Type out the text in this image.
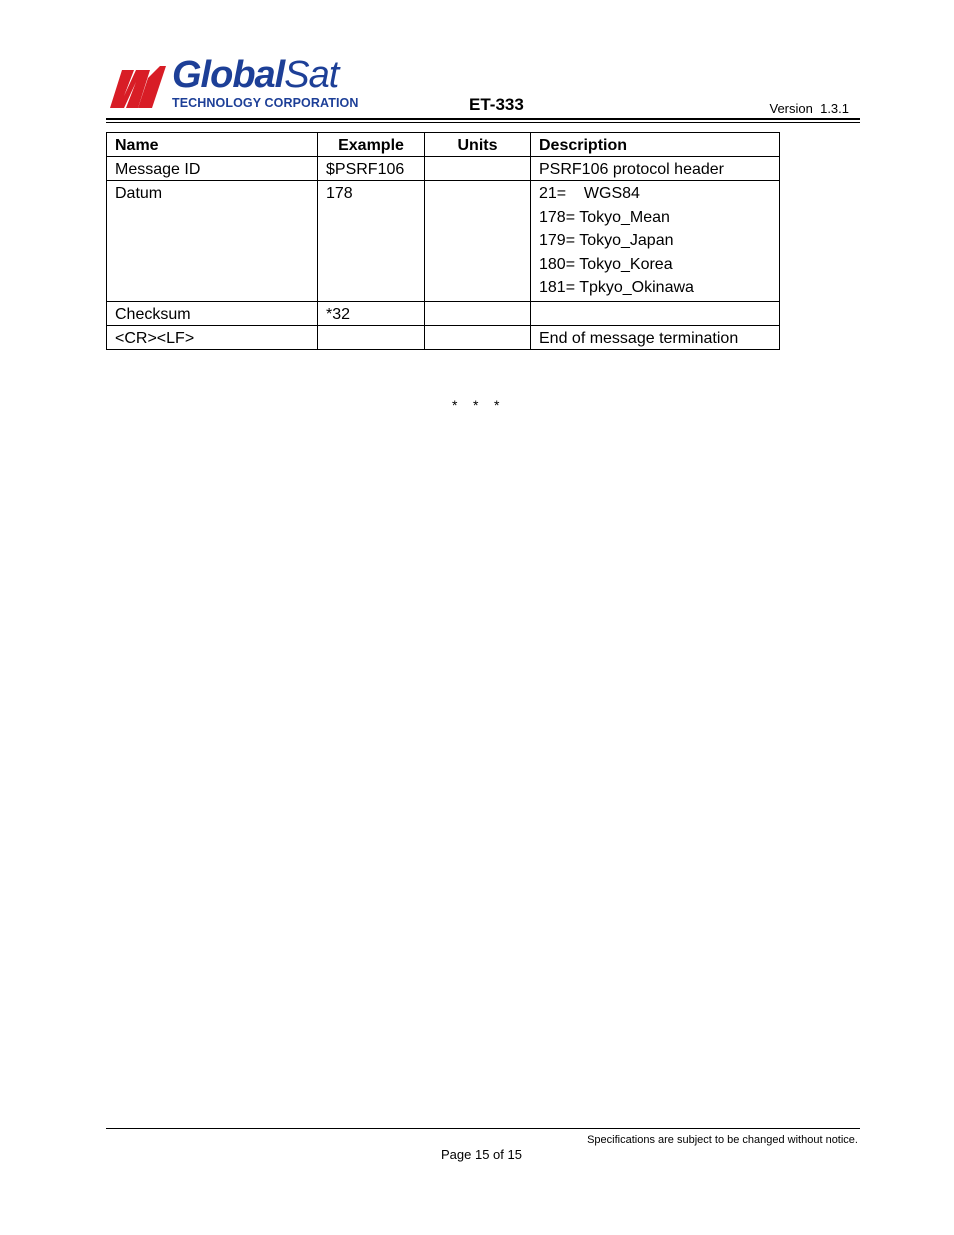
GlobalSat
TECHNOLOGY CORPORATION	ET-333	Version  1.3.1
Name	Example	Units	Description
Message ID	$PSRF106		PSRF106 protocol header
Datum	178		21=    WGS84
178= Tokyo_Mean
179= Tokyo_Japan
180= Tokyo_Korea
181= Tpkyo_Okinawa

Checksum	*32		
<CR><LF>			End of message termination
*    *    *
Specifications are subject to be changed without notice.
Page 15 of 15
